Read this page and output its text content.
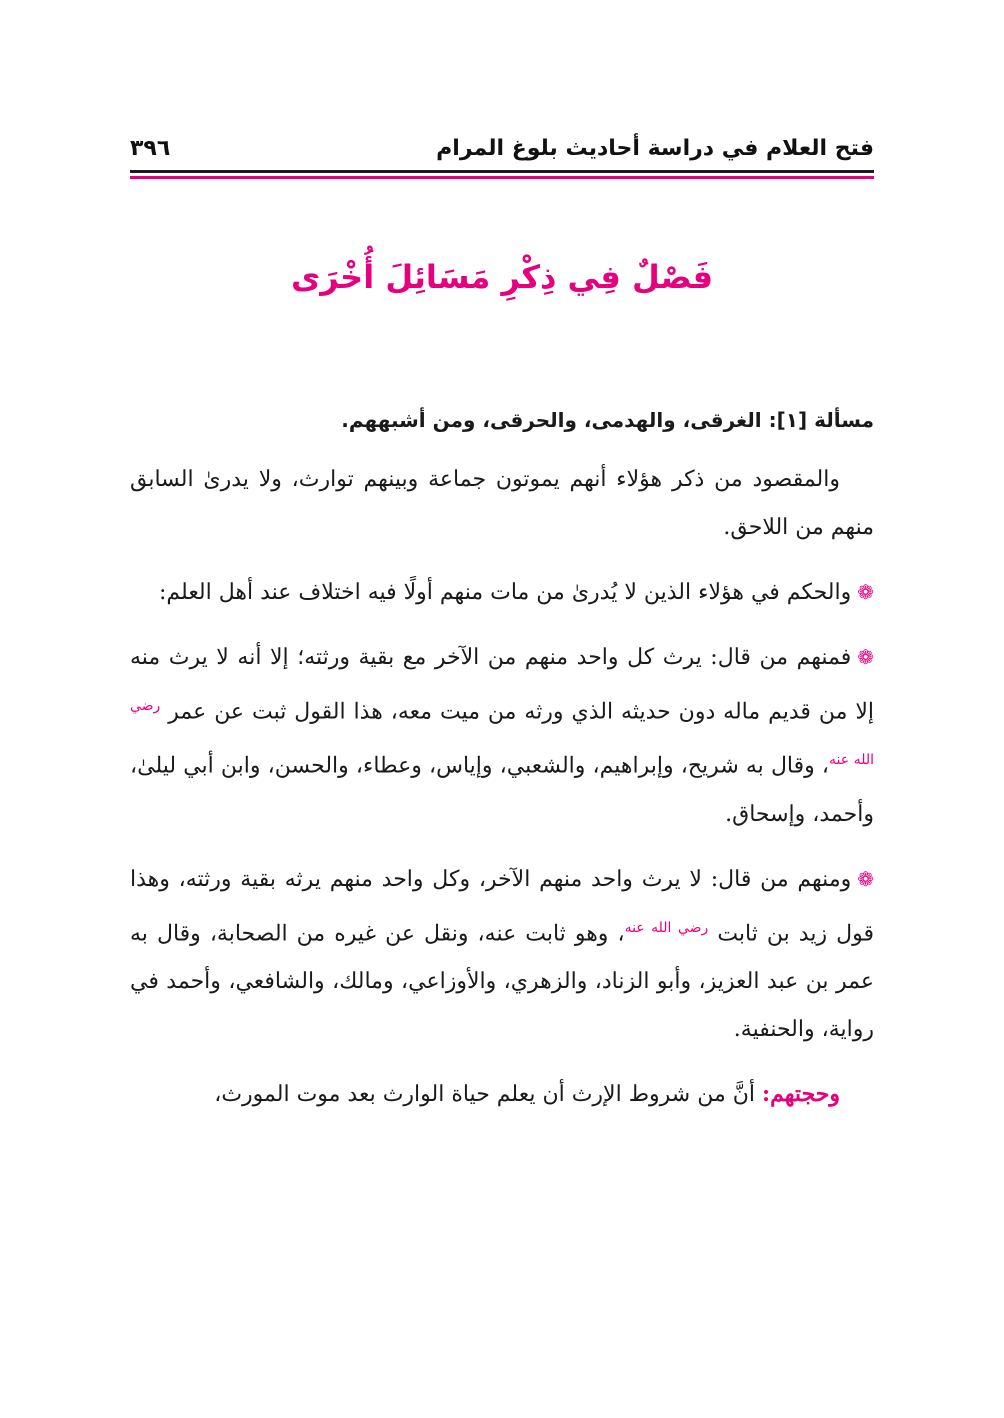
فتح العلام في دراسة أحاديث بلوغ المرام
٣٩٦
فَصْلٌ فِي ذِكْرِ مَسَائِلَ أُخْرَى
مسألة [١]: الغرقى، والهدمى، والحرقى، ومن أشبههم.

والمقصود من ذكر هؤلاء أنهم يموتون جماعة وبينهم توارث، ولا يدرىٰ السابق منهم من اللاحق.

❁والحكم في هؤلاء الذين لا يُدرىٰ من مات منهم أولًا فيه اختلاف عند أهل العلم:

❁فمنهم من قال: يرث كل واحد منهم من الآخر مع بقية ورثته؛ إلا أنه لا يرث منه إلا من قديم ماله دون حديثه الذي ورثه من ميت معه، هذا القول ثبت عن عمر $^{رضي الله عنه}$، وقال به شريح، وإبراهيم، والشعبي، وإياس، وعطاء، والحسن، وابن أبي ليلىٰ، وأحمد، وإسحاق.

❁ومنهم من قال: لا يرث واحد منهم الآخر، وكل واحد منهم يرثه بقية ورثته، وهذا قول زيد بن ثابت $^{رضي الله عنه}$، وهو ثابت عنه، ونقل عن غيره من الصحابة، وقال به عمر بن عبد العزيز، وأبو الزناد، والزهري، والأوزاعي، ومالك، والشافعي، وأحمد في رواية، والحنفية.

وحجتهم: أنَّ من شروط الإرث أن يعلم حياة الوارث بعد موت المورث،
